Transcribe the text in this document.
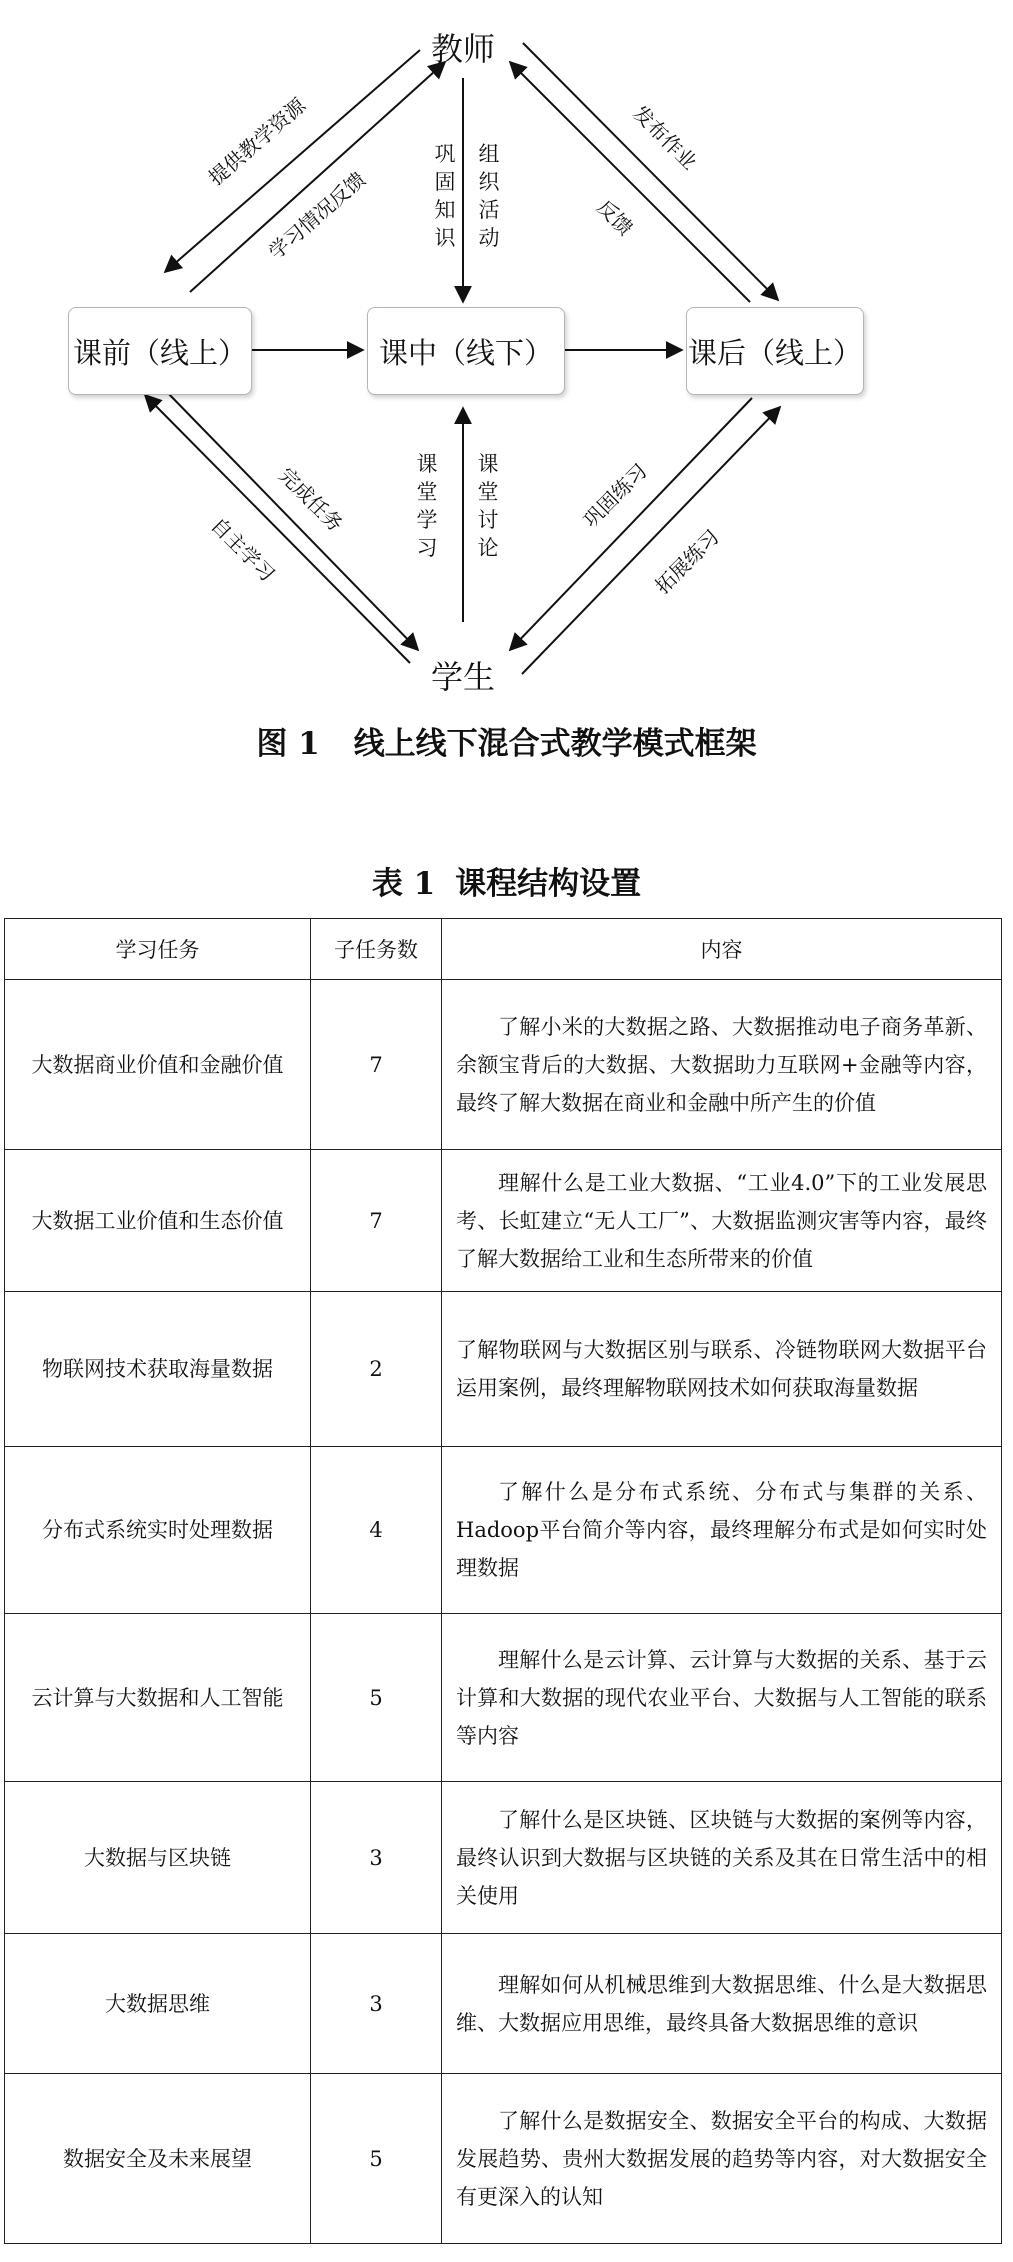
教师
学生
课前（线上）	课中（线下）	课后（线上）
提供教学资源
学习情况反馈
发布作业
反馈
完成任务
自主学习
巩固练习
拓展练习
巩固知识
组织活动
课堂学习
课堂讨论
图 1 线上线下混合式教学模式框架
表 1 课程结构设置
学习任务	子任务数	内容
大数据商业价值和金融价值	7	了解小米的大数据之路、大数据推动电子商务革新、余额宝背后的大数据、大数据助力互联网+金融等内容，最终了解大数据在商业和金融中所产生的价值
大数据工业价值和生态价值	7	理解什么是工业大数据、“工业4.0”下的工业发展思考、长虹建立“无人工厂”、大数据监测灾害等内容，最终了解大数据给工业和生态所带来的价值
物联网技术获取海量数据	2	了解物联网与大数据区别与联系、冷链物联网大数据平台运用案例，最终理解物联网技术如何获取海量数据
分布式系统实时处理数据	4	了解什么是分布式系统、分布式与集群的关系、Hadoop平台简介等内容，最终理解分布式是如何实时处理数据
云计算与大数据和人工智能	5	理解什么是云计算、云计算与大数据的关系、基于云计算和大数据的现代农业平台、大数据与人工智能的联系等内容
大数据与区块链	3	了解什么是区块链、区块链与大数据的案例等内容，最终认识到大数据与区块链的关系及其在日常生活中的相关使用
大数据思维	3	理解如何从机械思维到大数据思维、什么是大数据思维、大数据应用思维，最终具备大数据思维的意识
数据安全及未来展望	5	了解什么是数据安全、数据安全平台的构成、大数据发展趋势、贵州大数据发展的趋势等内容，对大数据安全有更深入的认知
